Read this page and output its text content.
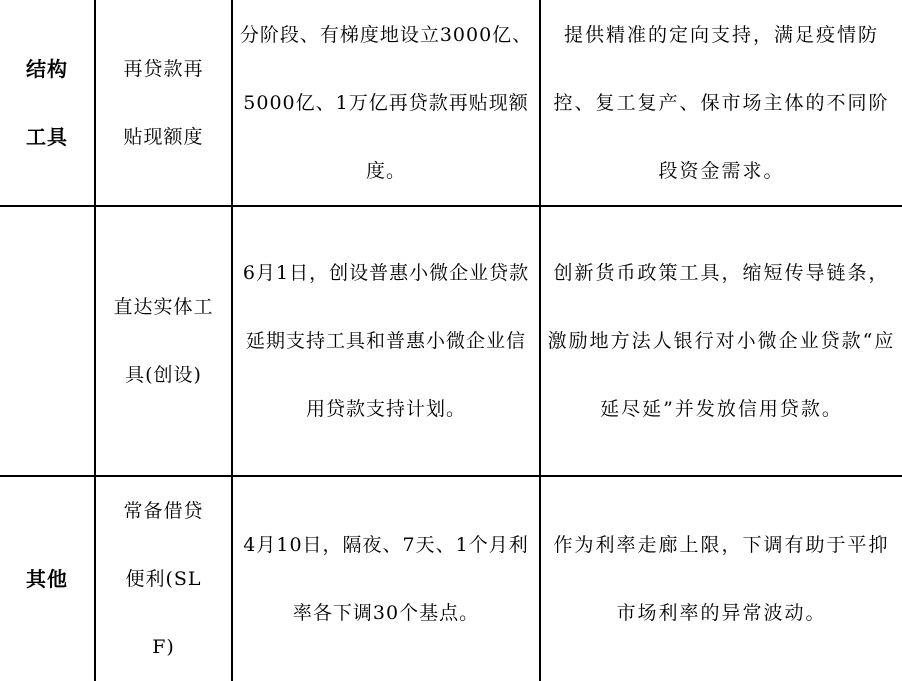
结构工具	再贷款再贴现额度	分阶段、有梯度地设立3000亿、5000亿、1万亿再贷款再贴现额度。	提供精准的定向支持，满足疫情防控、复工复产、保市场主体的不同阶段资金需求。
	直达实体工具(创设)	6月1日，创设普惠小微企业贷款延期支持工具和普惠小微企业信用贷款支持计划。	创新货币政策工具，缩短传导链条，激励地方法人银行对小微企业贷款“应延尽延”并发放信用贷款。
其他	常备借贷便利(SLF)	4月10日，隔夜、7天、1个月利率各下调30个基点。	作为利率走廊上限，下调有助于平抑市场利率的异常波动。
